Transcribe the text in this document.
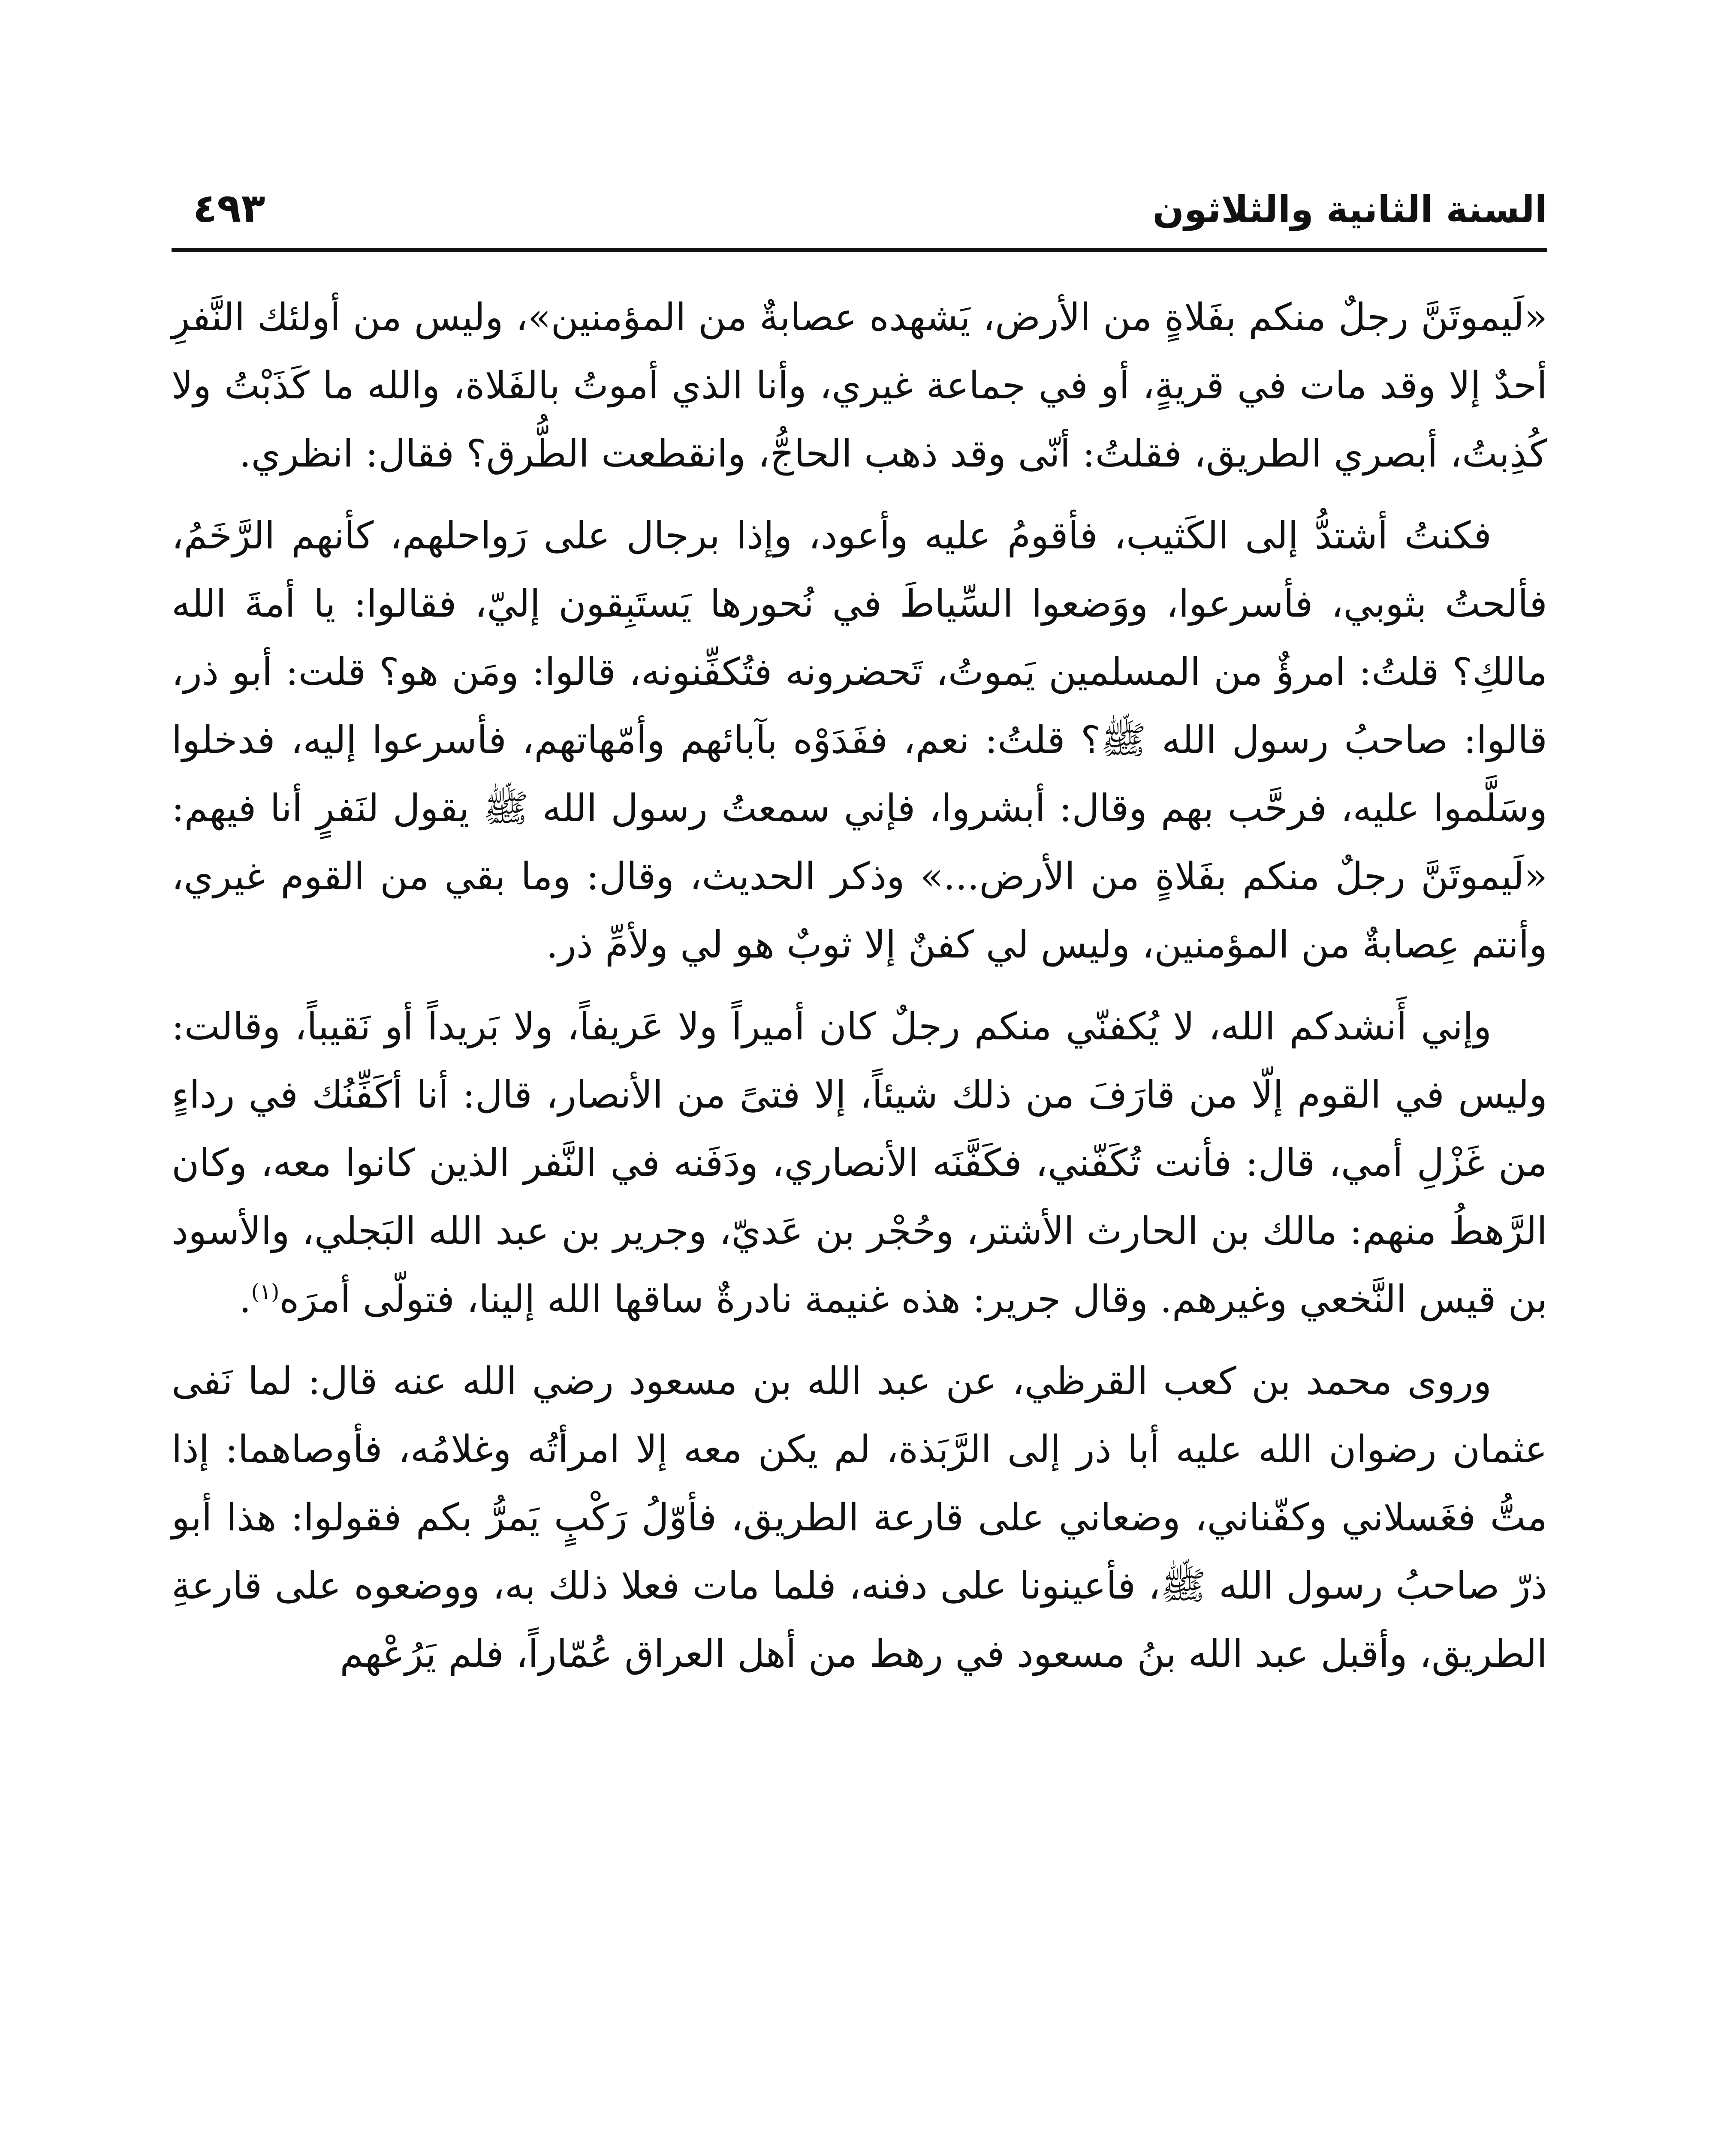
السنة الثانية والثلاثون
٤٩٣

«لَيموتَنَّ رجلٌ منكم بفَلاةٍ من الأرض، يَشهده عصابةٌ من المؤمنين»، وليس من أولئك النَّفرِ أحدٌ إلا وقد مات في قريةٍ، أو في جماعة غيري، وأنا الذي أموتُ بالفَلاة، والله ما كَذَبْتُ ولا كُذِبتُ، أبصري الطريق، فقلتُ: أنّى وقد ذهب الحاجُّ، وانقطعت الطُّرق؟ فقال: انظري.

فكنتُ أشتدُّ إلى الكَثيب، فأقومُ عليه وأعود، وإذا برجال على رَواحلهم، كأنهم الرَّخَمُ، فألحتُ بثوبي، فأسرعوا، ووَضعوا السِّياطَ في نُحورها يَستَبِقون إليّ، فقالوا: يا أمةَ الله مالكِ؟ قلتُ: امرؤٌ من المسلمين يَموتُ، تَحضرونه فتُكفِّنونه، قالوا: ومَن هو؟ قلت: أبو ذر، قالوا: صاحبُ رسول الله ﷺ؟ قلتُ: نعم، ففَدَوْه بآبائهم وأمّهاتهم، فأسرعوا إليه، فدخلوا وسَلَّموا عليه، فرحَّب بهم وقال: أبشروا، فإني سمعتُ رسول الله ﷺ يقول لنَفرٍ أنا فيهم: «لَيموتَنَّ رجلٌ منكم بفَلاةٍ من الأرض...» وذكر الحديث، وقال: وما بقي من القوم غيري، وأنتم عِصابةٌ من المؤمنين، وليس لي كفنٌ إلا ثوبٌ هو لي ولأمِّ ذر.

وإني أَنشدكم الله، لا يُكفنّي منكم رجلٌ كان أميراً ولا عَريفاً، ولا بَريداً أو نَقيباً، وقالت: وليس في القوم إلّا من قارَفَ من ذلك شيئاً، إلا فتىً من الأنصار، قال: أنا أكَفِّنُك في رداءٍ من غَزْلِ أمي، قال: فأنت تُكَفّني، فكَفَّنَه الأنصاري، ودَفَنه في النَّفر الذين كانوا معه، وكان الرَّهطُ منهم: مالك بن الحارث الأشتر، وحُجْر بن عَديّ، وجرير بن عبد الله البَجلي، والأسود بن قيس النَّخعي وغيرهم. وقال جرير: هذه غنيمة نادرةٌ ساقها الله إلينا، فتولّى أمرَه$^{(١)}$.

وروى محمد بن كعب القرظي، عن عبد الله بن مسعود رضي الله عنه قال: لما نَفى عثمان رضوان الله عليه أبا ذر إلى الرَّبَذة، لم يكن معه إلا امرأتُه وغلامُه، فأوصاهما: إذا متُّ فغَسلاني وكفّناني، وضعاني على قارعة الطريق، فأوّلُ رَكْبٍ يَمرُّ بكم فقولوا: هذا أبو ذرّ صاحبُ رسول الله ﷺ، فأعينونا على دفنه، فلما مات فعلا ذلك به، ووضعوه على قارعةِ الطريق، وأقبل عبد الله بنُ مسعود في رهط من أهل العراق عُمّاراً، فلم يَرُعْهم
